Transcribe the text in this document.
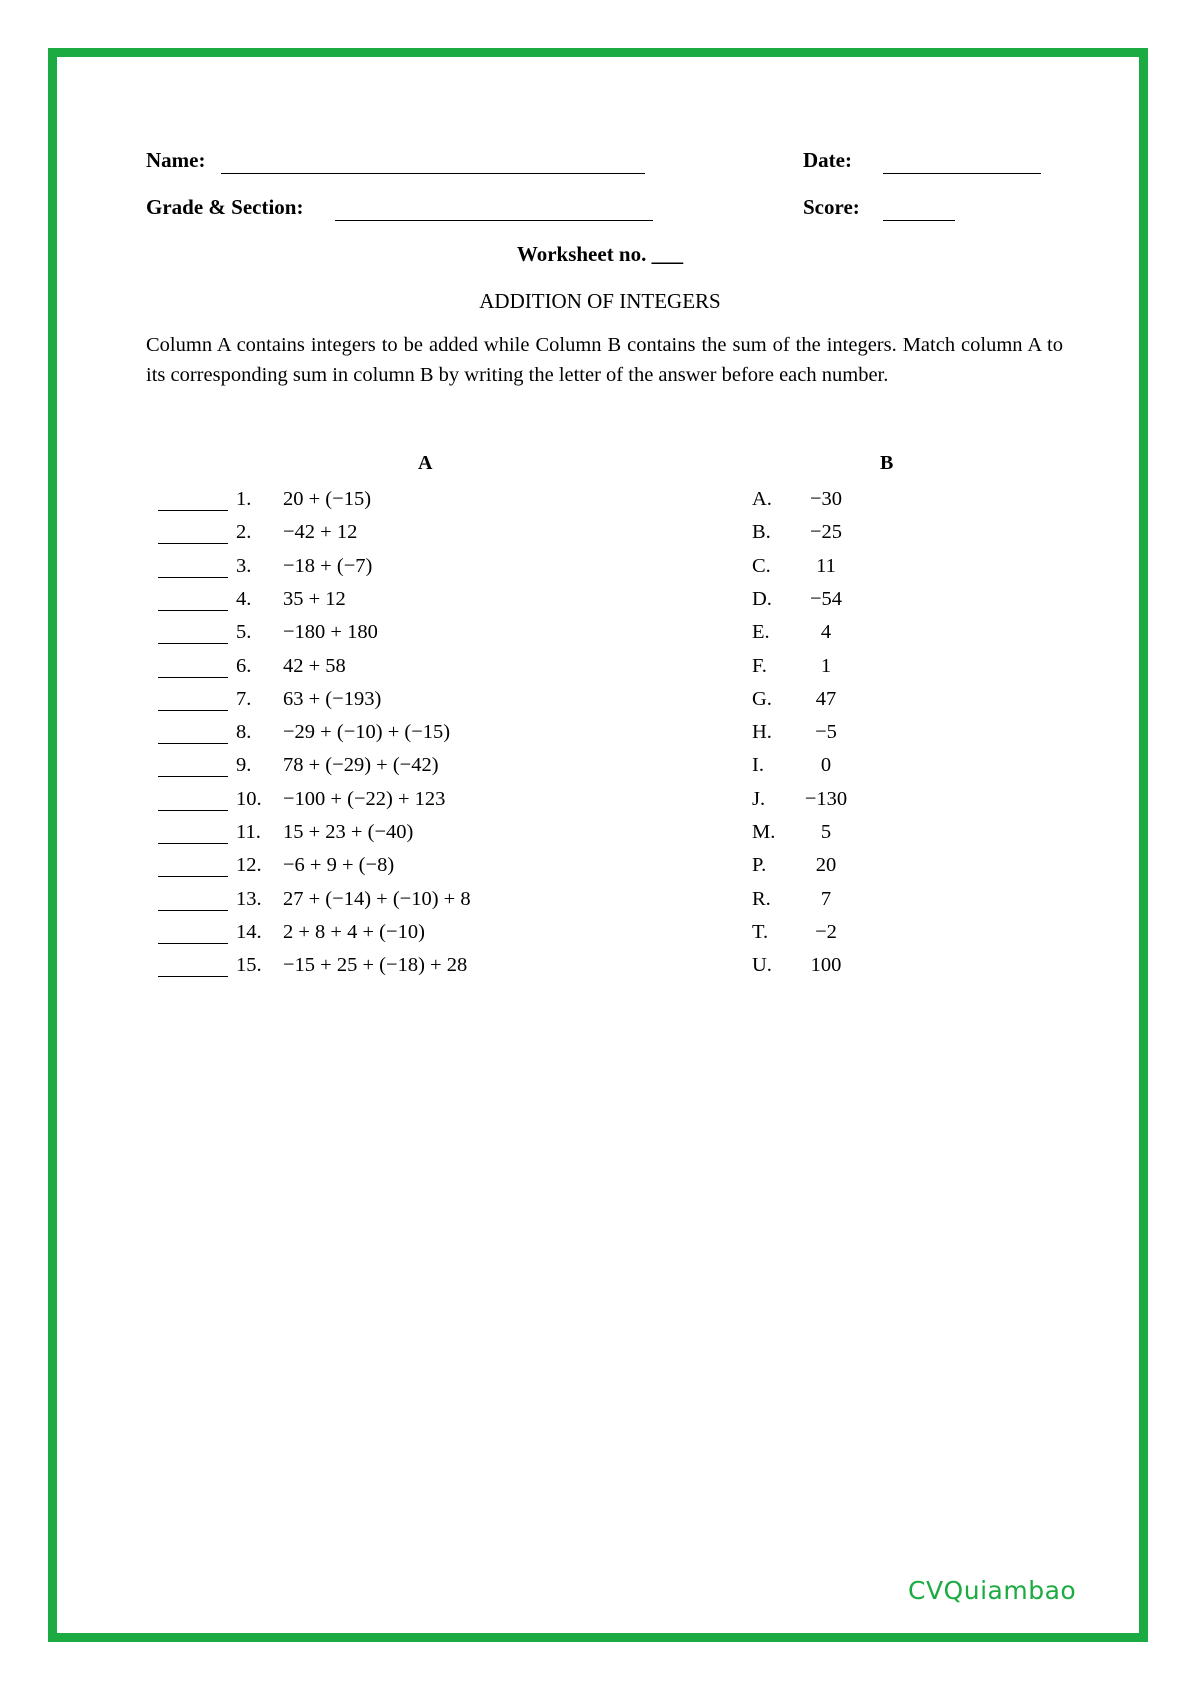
Name:	Date:
Grade & Section:	Score:
Worksheet no. ___
ADDITION OF INTEGERS
Column A contains integers to be added while Column B contains the sum of the integers. Match column A to its corresponding sum in column B by writing the letter of the answer before each number.
A	B
1. 20 + (−15)	A.	−30
2. −42 + 12	B.	−25
3. −18 + (−7)	C.	11
4. 35 + 12	D.	−54
5. −180 + 180	E.	4
6. 42 + 58	F.	1
7. 63 + (−193)	G.	47
8. −29 + (−10) + (−15)	H.	−5
9. 78 + (−29) + (−42)	I.	0
10. −100 + (−22) + 123	J. −130
11. 15 + 23 + (−40)	M.	5
12. −6 + 9 + (−8)	P.	20
13. 27 + (−14) + (−10) + 8	R.	7
14. 2 + 8 + 4 + (−10)	T.	−2
15. −15 + 25 + (−18) + 28	U.	100
CVQuiambao
